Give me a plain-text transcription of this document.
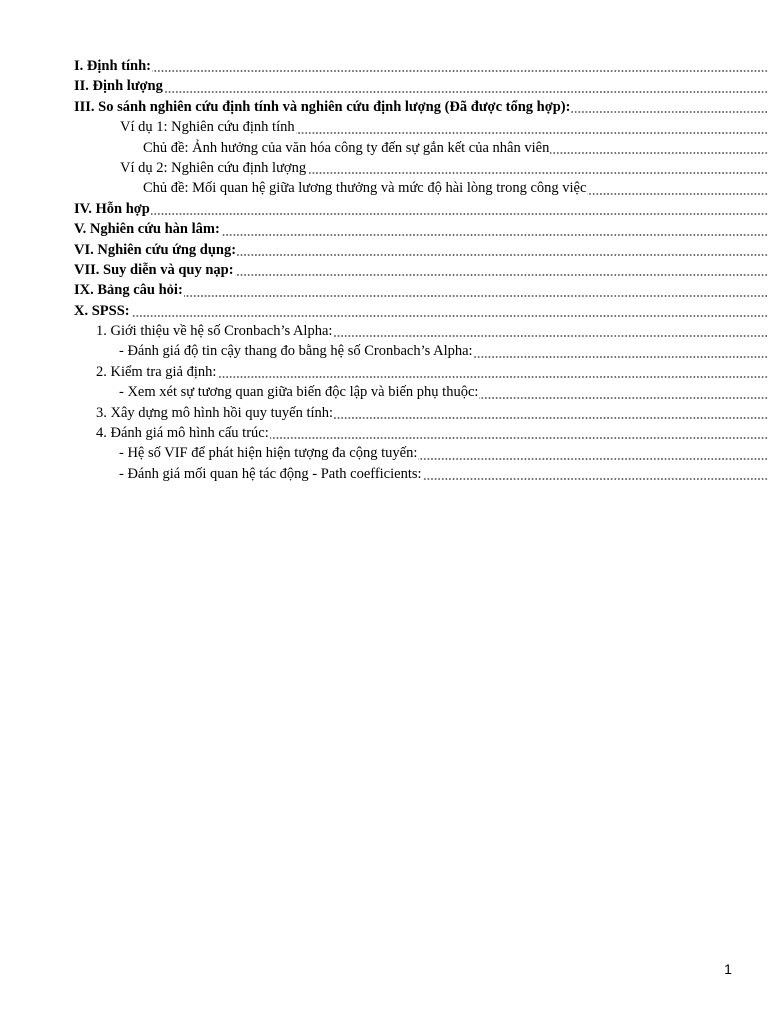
I. Định tính:
II. Định lượng
III. So sánh nghiên cứu định tính và nghiên cứu định lượng (Đã được tổng hợp):
Ví dụ 1: Nghiên cứu định tính
Chủ đề: Ảnh hưởng của văn hóa công ty đến sự gắn kết của nhân viên
Ví dụ 2: Nghiên cứu định lượng
Chủ đề: Mối quan hệ giữa lương thưởng và mức độ hài lòng trong công việc
IV. Hỗn hợp
V. Nghiên cứu hàn lâm:
VI. Nghiên cứu ứng dụng:
VII. Suy diễn và quy nạp:
IX. Bảng câu hỏi:
X. SPSS:
1. Giới thiệu về hệ số Cronbach’s Alpha:
- Đánh giá độ tin cậy thang đo bằng hệ số Cronbach’s Alpha:
2. Kiểm tra giả định:
- Xem xét sự tương quan giữa biến độc lập và biến phụ thuộc:
3. Xây dựng mô hình hồi quy tuyến tính:
4. Đánh giá mô hình cấu trúc:
- Hệ số VIF để phát hiện hiện tượng đa cộng tuyến:
- Đánh giá mối quan hệ tác động - Path coefficients:
1
